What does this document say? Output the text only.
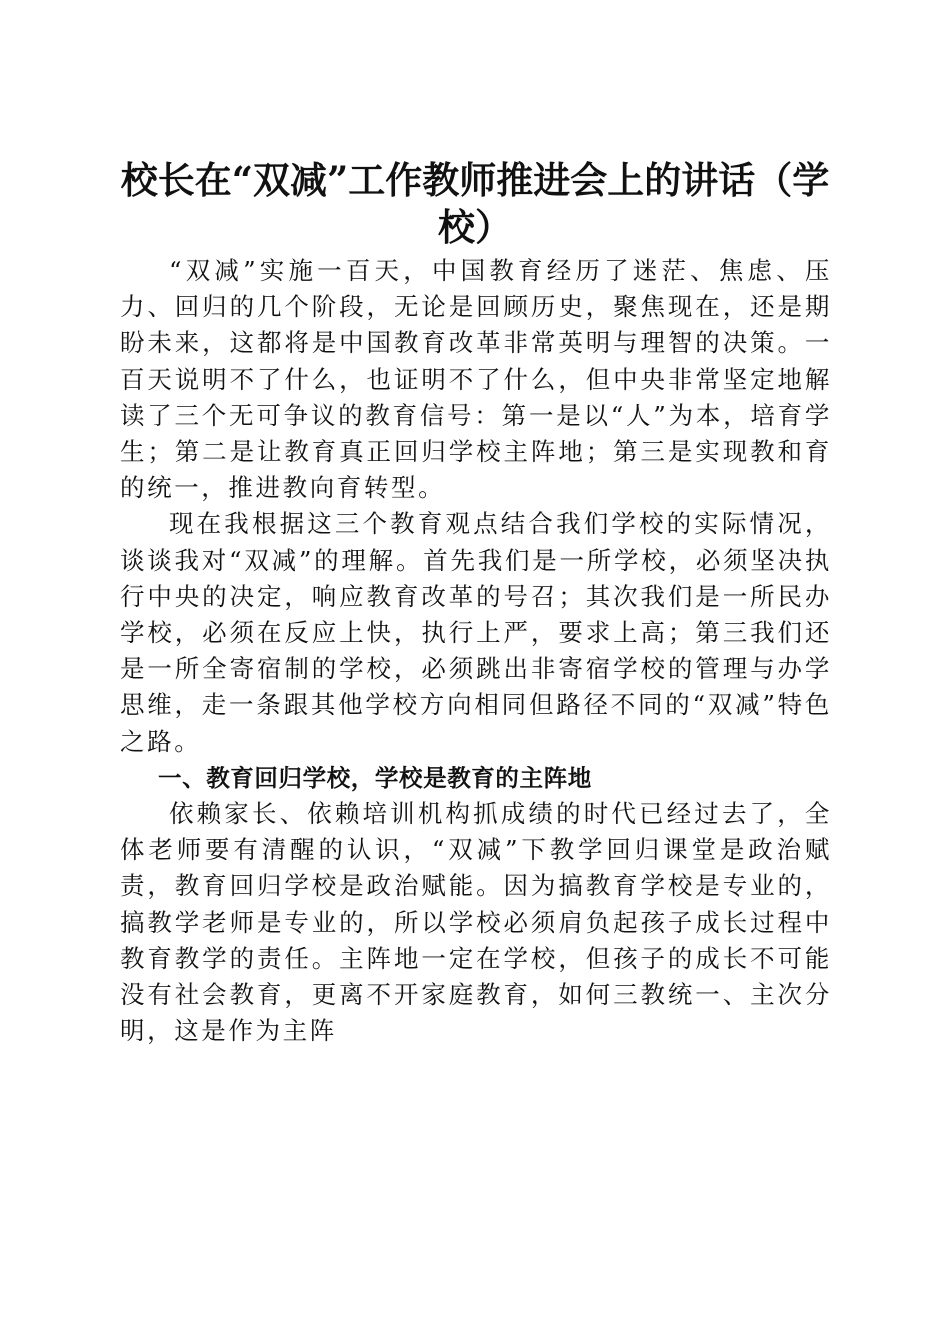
校长在“双减”工作教师推进会上的讲话（学校）

“双减”实施一百天，中国教育经历了迷茫、焦虑、压力、回归的几个阶段，无论是回顾历史，聚焦现在，还是期盼未来，这都将是中国教育改革非常英明与理智的决策。一百天说明不了什么，也证明不了什么，但中央非常坚定地解读了三个无可争议的教育信号：第一是以“人”为本，培育学生；第二是让教育真正回归学校主阵地；第三是实现教和育的统一，推进教向育转型。

现在我根据这三个教育观点结合我们学校的实际情况，谈谈我对“双减”的理解。首先我们是一所学校，必须坚决执行中央的决定，响应教育改革的号召；其次我们是一所民办学校，必须在反应上快，执行上严，要求上高；第三我们还是一所全寄宿制的学校，必须跳出非寄宿学校的管理与办学思维，走一条跟其他学校方向相同但路径不同的“双减”特色之路。

一、教育回归学校，学校是教育的主阵地

依赖家长、依赖培训机构抓成绩的时代已经过去了，全体老师要有清醒的认识，“双减”下教学回归课堂是政治赋责，教育回归学校是政治赋能。因为搞教育学校是专业的，搞教学老师是专业的，所以学校必须肩负起孩子成长过程中教育教学的责任。主阵地一定在学校，但孩子的成长不可能没有社会教育，更离不开家庭教育，如何三教统一、主次分明，这是作为主阵
